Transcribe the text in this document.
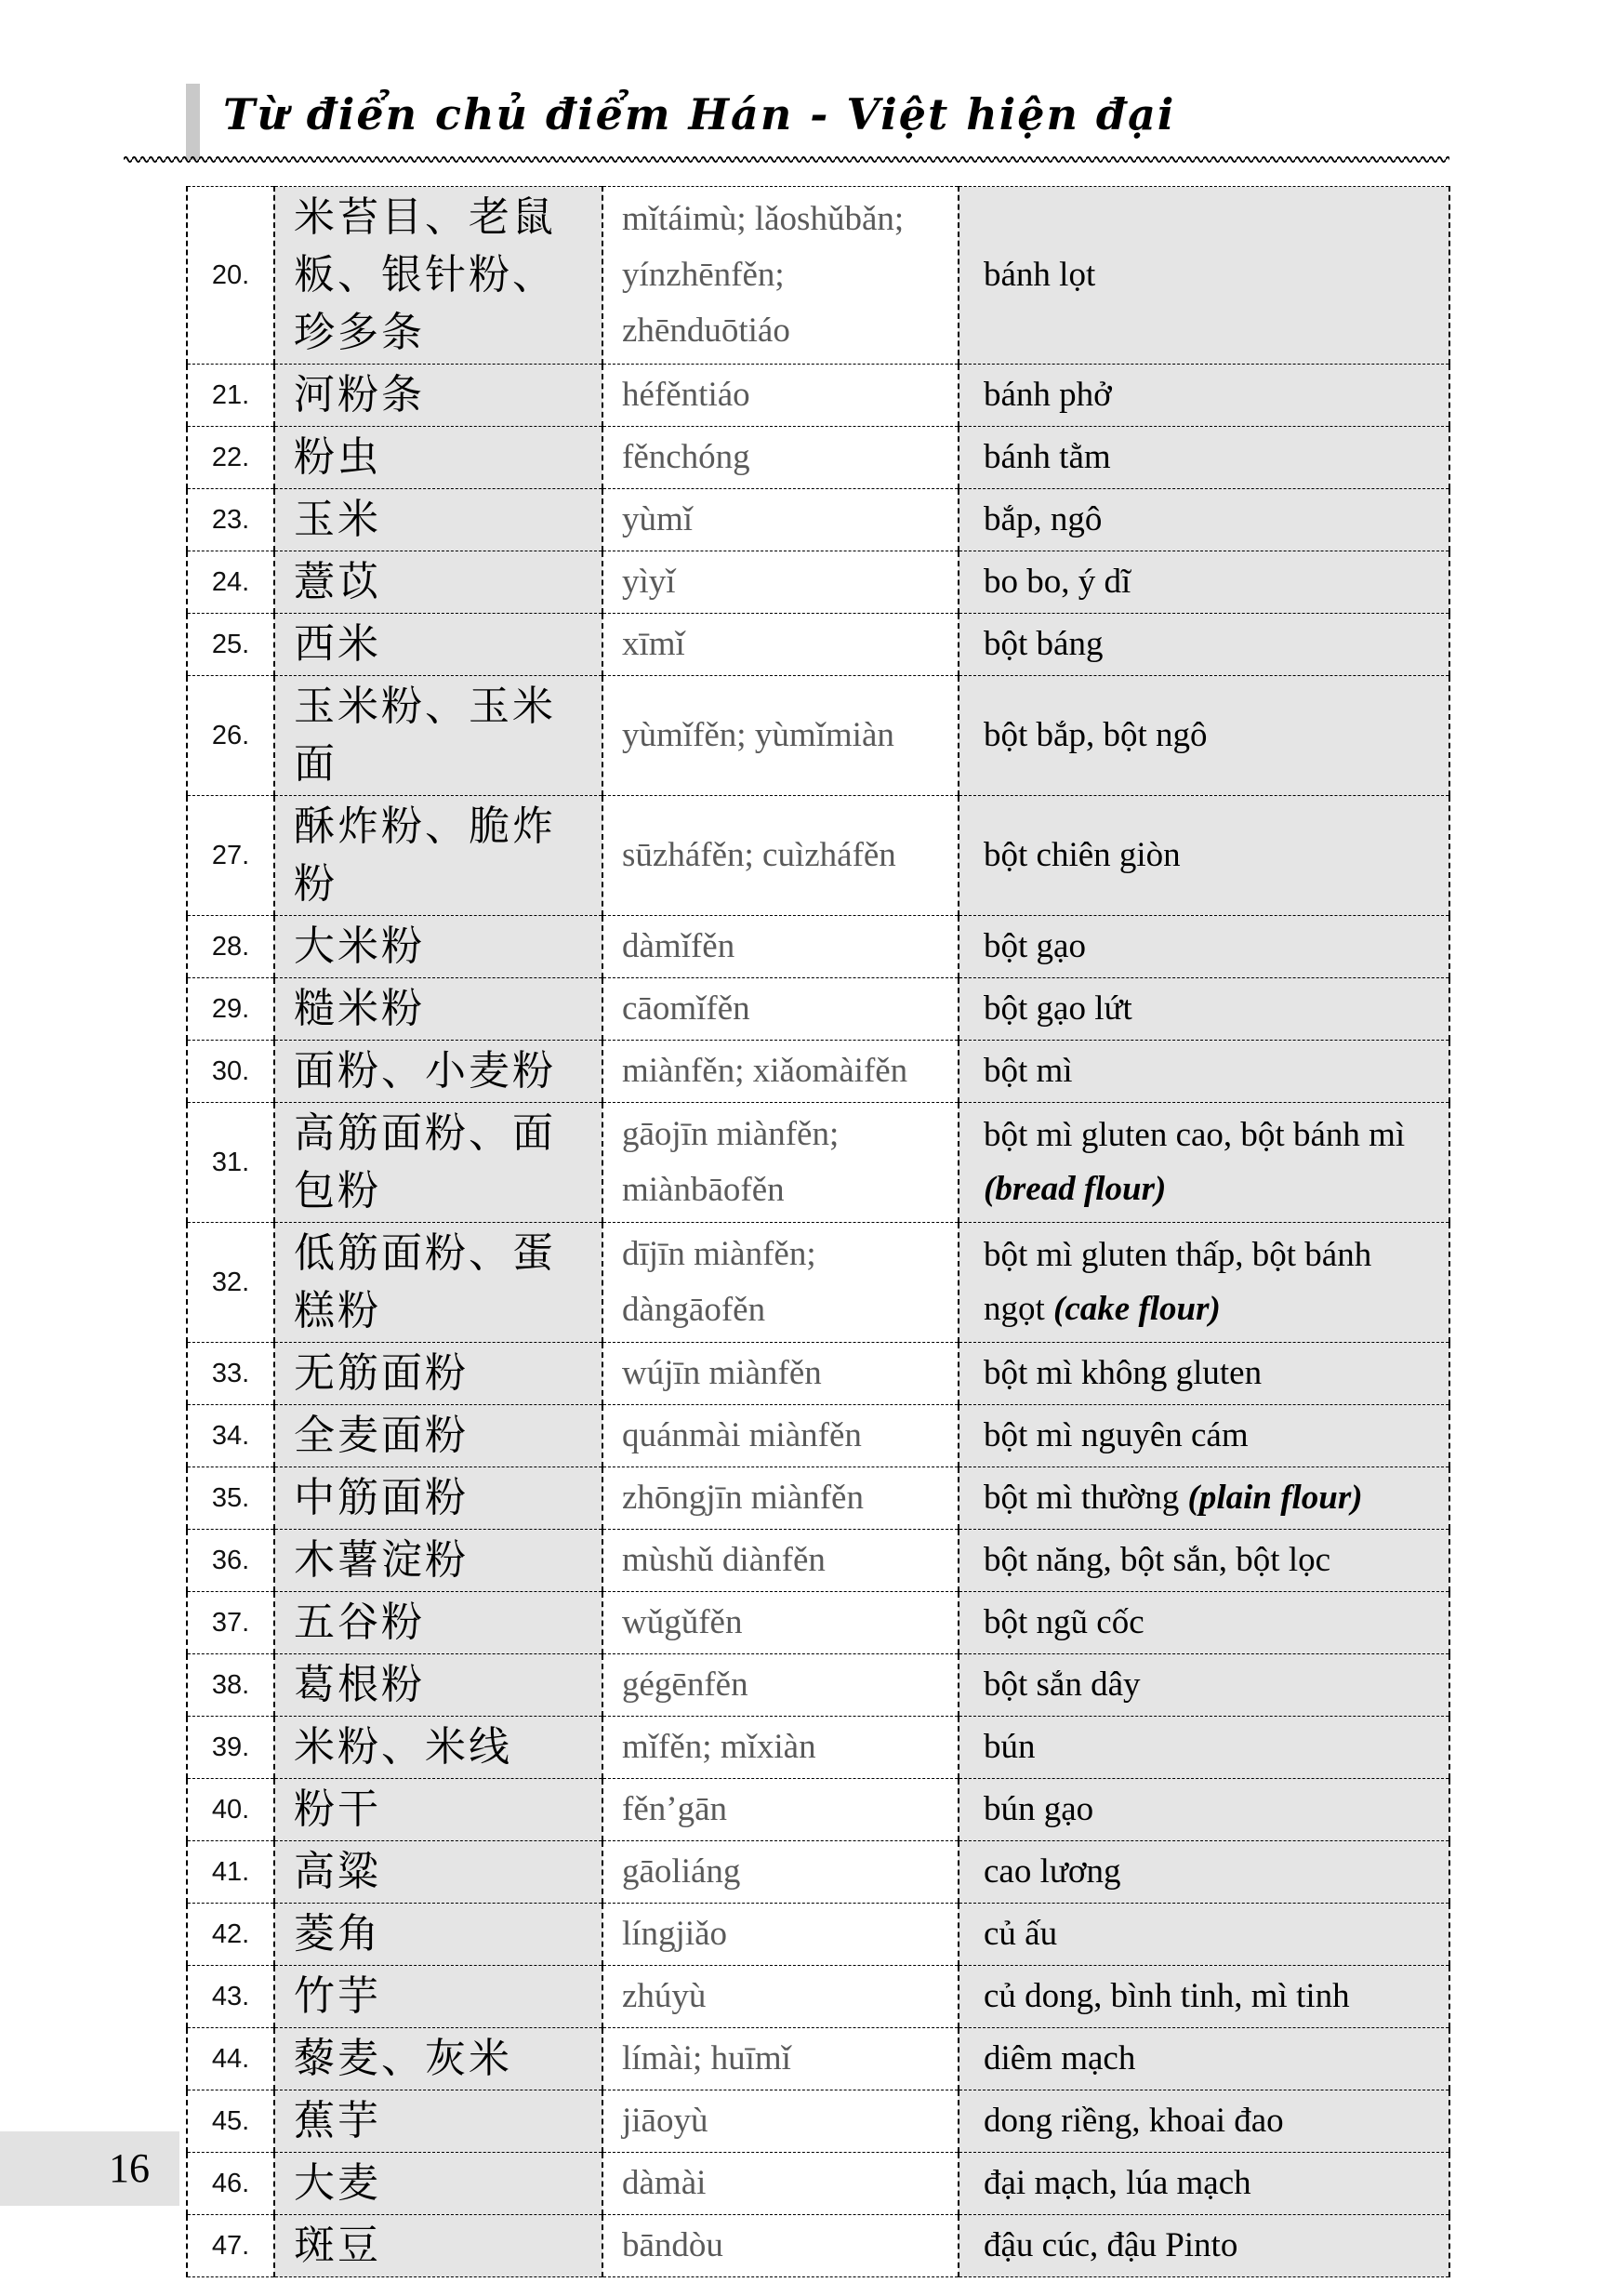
Từ điển chủ điểm Hán - Việt hiện đại
20.	米苔目、老鼠粄、银针粉、珍多条	mǐtáimù; lǎoshǔbǎn; yínzhēnfěn; zhēnduōtiáo	bánh lọt
21.	河粉条	héfěntiáo	bánh phở
22.	粉虫	fěnchóng	bánh tằm
23.	玉米	yùmǐ	bắp, ngô
24.	薏苡	yìyǐ	bo bo, ý dĩ
25.	西米	xīmǐ	bột báng
26.	玉米粉、玉米面	yùmǐfěn; yùmǐmiàn	bột bắp, bột ngô
27.	酥炸粉、脆炸粉	sūzháfěn; cuìzháfěn	bột chiên giòn
28.	大米粉	dàmǐfěn	bột gạo
29.	糙米粉	cāomǐfěn	bột gạo lứt
30.	面粉、小麦粉	miànfěn; xiǎomàifěn	bột mì
31.	高筋面粉、面包粉	gāojīn miànfěn; miànbāofěn	bột mì gluten cao, bột bánh mì (bread flour)
32.	低筋面粉、蛋糕粉	dījīn miànfěn; dàngāofěn	bột mì gluten thấp, bột bánh ngọt (cake flour)
33.	无筋面粉	wújīn miànfěn	bột mì không gluten
34.	全麦面粉	quánmài miànfěn	bột mì nguyên cám
35.	中筋面粉	zhōngjīn miànfěn	bột mì thường (plain flour)
36.	木薯淀粉	mùshǔ diànfěn	bột năng, bột sắn, bột lọc
37.	五谷粉	wǔgǔfěn	bột ngũ cốc
38.	葛根粉	gégēnfěn	bột sắn dây
39.	米粉、米线	mǐfěn; mǐxiàn	bún
40.	粉干	fěn’gān	bún gạo
41.	高粱	gāoliáng	cao lương
42.	菱角	língjiǎo	củ ấu
43.	竹芋	zhúyù	củ dong, bình tinh, mì tinh
44.	藜麦、灰米	límài; huīmǐ	diêm mạch
45.	蕉芋	jiāoyù	dong riềng, khoai đao
46.	大麦	dàmài	đại mạch, lúa mạch
47.	斑豆	bāndòu	đậu cúc, đậu Pinto
16
